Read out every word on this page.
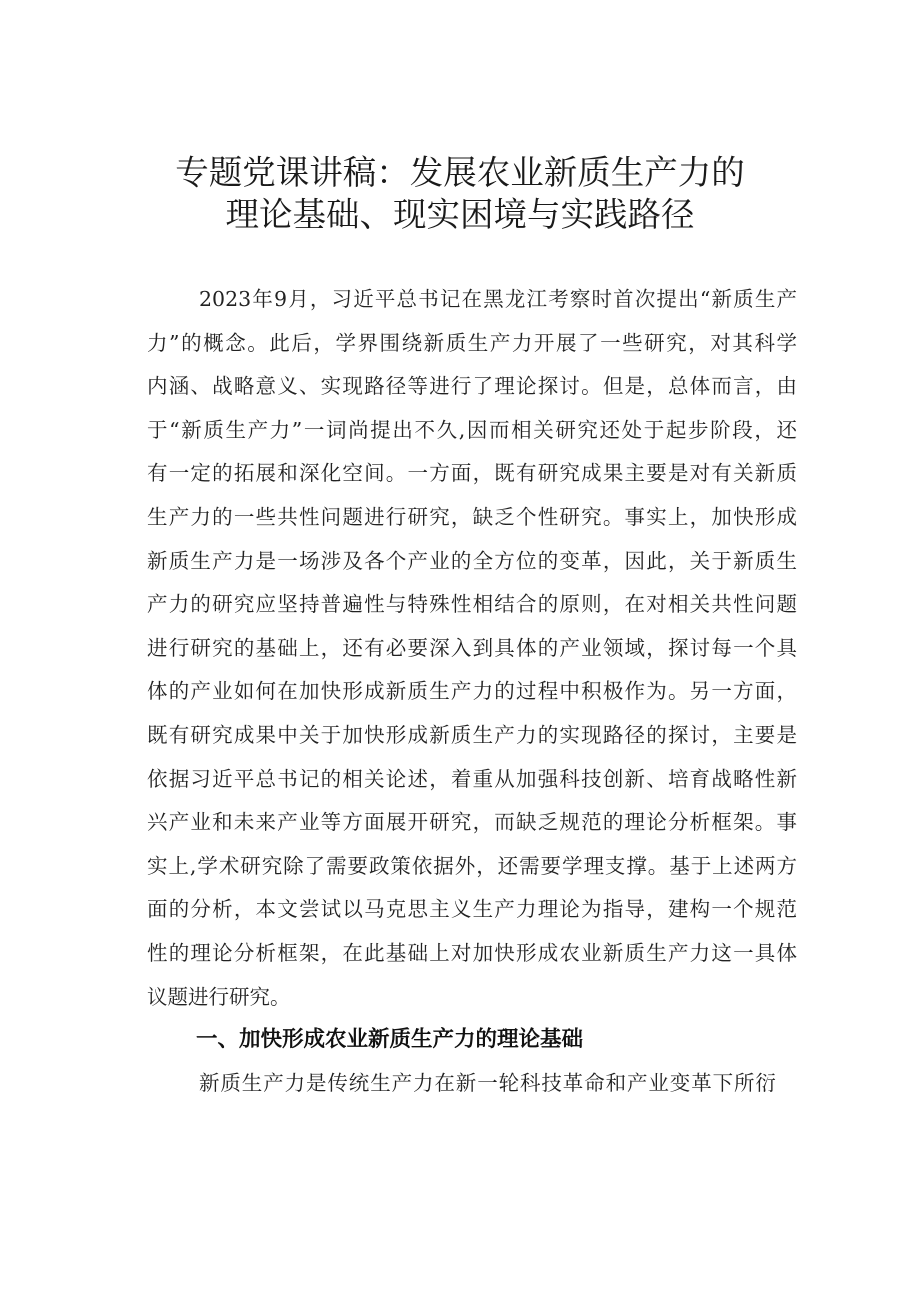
专题党课讲稿：发展农业新质生产力的
理论基础、现实困境与实践路径
2023年9月，习近平总书记在黑龙江考察时首次提出“新质生产
力”的概念。此后，学界围绕新质生产力开展了一些研究，对其科学
内涵、战略意义、实现路径等进行了理论探讨。但是，总体而言，由
于“新质生产力”一词尚提出不久,因而相关研究还处于起步阶段，还
有一定的拓展和深化空间。一方面，既有研究成果主要是对有关新质
生产力的一些共性问题进行研究，缺乏个性研究。事实上，加快形成
新质生产力是一场涉及各个产业的全方位的变革，因此，关于新质生
产力的研究应坚持普遍性与特殊性相结合的原则，在对相关共性问题
进行研究的基础上，还有必要深入到具体的产业领域，探讨每一个具
体的产业如何在加快形成新质生产力的过程中积极作为。另一方面，
既有研究成果中关于加快形成新质生产力的实现路径的探讨，主要是
依据习近平总书记的相关论述，着重从加强科技创新、培育战略性新
兴产业和未来产业等方面展开研究，而缺乏规范的理论分析框架。事
实上,学术研究除了需要政策依据外，还需要学理支撑。基于上述两方
面的分析，本文尝试以马克思主义生产力理论为指导，建构一个规范
性的理论分析框架，在此基础上对加快形成农业新质生产力这一具体
议题进行研究。
一、加快形成农业新质生产力的理论基础
新质生产力是传统生产力在新一轮科技革命和产业变革下所衍
